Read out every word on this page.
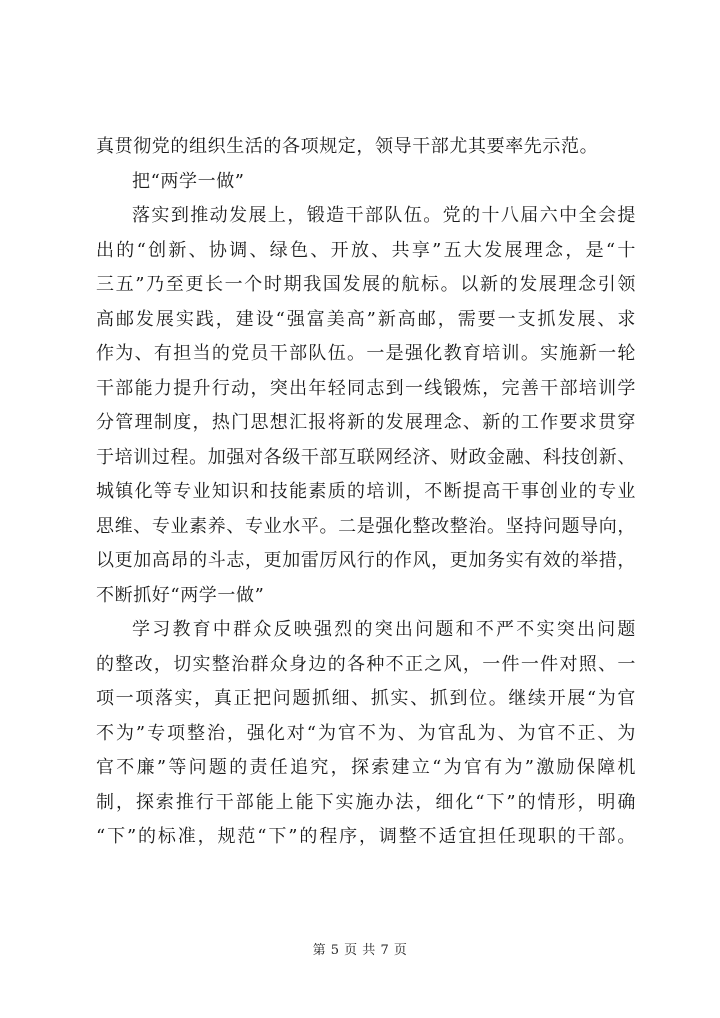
真贯彻党的组织生活的各项规定，领导干部尤其要率先示范。
把“两学一做”
落实到推动发展上，锻造干部队伍。党的十八届六中全会提
出的“创新、协调、绿色、开放、共享”五大发展理念，是“十
三五”乃至更长一个时期我国发展的航标。以新的发展理念引领
高邮发展实践，建设“强富美高”新高邮，需要一支抓发展、求
作为、有担当的党员干部队伍。一是强化教育培训。实施新一轮
干部能力提升行动，突出年轻同志到一线锻炼，完善干部培训学
分管理制度，热门思想汇报将新的发展理念、新的工作要求贯穿
于培训过程。加强对各级干部互联网经济、财政金融、科技创新、
城镇化等专业知识和技能素质的培训，不断提高干事创业的专业
思维、专业素养、专业水平。二是强化整改整治。坚持问题导向，
以更加高昂的斗志，更加雷厉风行的作风，更加务实有效的举措，
不断抓好“两学一做”
学习教育中群众反映强烈的突出问题和不严不实突出问题
的整改，切实整治群众身边的各种不正之风，一件一件对照、一
项一项落实，真正把问题抓细、抓实、抓到位。继续开展“为官
不为”专项整治，强化对“为官不为、为官乱为、为官不正、为
官不廉”等问题的责任追究，探索建立“为官有为”激励保障机
制，探索推行干部能上能下实施办法，细化“下”的情形，明确
“下”的标准，规范“下”的程序，调整不适宜担任现职的干部。
第 5 页 共 7 页
